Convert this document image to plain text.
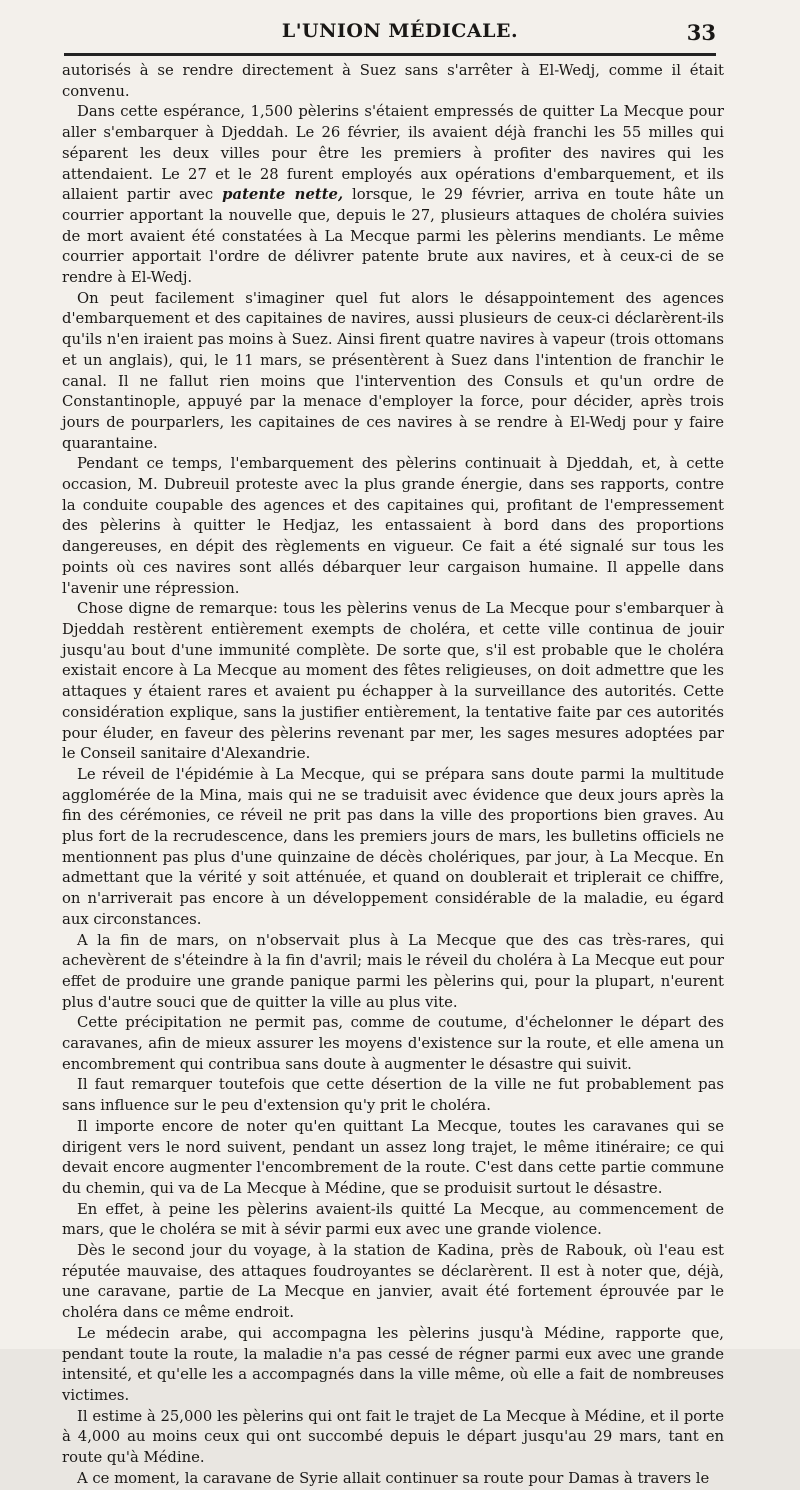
L'UNION MÉDICALE.	33

autorisés à se rendre directement à Suez sans s'arrêter à El-Wedj, comme il était convenu.

Dans cette espérance, 1,500 pèlerins s'étaient empressés de quitter La Mecque pour aller s'embarquer à Djeddah. Le 26 février, ils avaient déjà franchi les 55 milles qui séparent les deux villes pour être les premiers à profiter des navires qui les attendaient. Le 27 et le 28 furent employés aux opérations d'embarquement, et ils allaient partir avec patente nette, lorsque, le 29 février, arriva en toute hâte un courrier apportant la nouvelle que, depuis le 27, plusieurs attaques de choléra suivies de mort avaient été constatées à La Mecque parmi les pèlerins mendiants. Le même courrier apportait l'ordre de délivrer patente brute aux navires, et à ceux-ci de se rendre à El-Wedj.

On peut facilement s'imaginer quel fut alors le désappointement des agences d'embarquement et des capitaines de navires, aussi plusieurs de ceux-ci déclarèrent-ils qu'ils n'en iraient pas moins à Suez. Ainsi firent quatre navires à vapeur (trois ottomans et un anglais), qui, le 11 mars, se présentèrent à Suez dans l'intention de franchir le canal. Il ne fallut rien moins que l'intervention des Consuls et qu'un ordre de Constantinople, appuyé par la menace d'employer la force, pour décider, après trois jours de pourparlers, les capitaines de ces navires à se rendre à El-Wedj pour y faire quarantaine.

Pendant ce temps, l'embarquement des pèlerins continuait à Djeddah, et, à cette occasion, M. Dubreuil proteste avec la plus grande énergie, dans ses rapports, contre la conduite coupable des agences et des capitaines qui, profitant de l'empressement des pèlerins à quitter le Hedjaz, les entassaient à bord dans des proportions dangereuses, en dépit des règlements en vigueur. Ce fait a été signalé sur tous les points où ces navires sont allés débarquer leur cargaison humaine. Il appelle dans l'avenir une répression.

Chose digne de remarque: tous les pèlerins venus de La Mecque pour s'embarquer à Djeddah restèrent entièrement exempts de choléra, et cette ville continua de jouir jusqu'au bout d'une immunité complète. De sorte que, s'il est probable que le choléra existait encore à La Mecque au moment des fêtes religieuses, on doit admettre que les attaques y étaient rares et avaient pu échapper à la surveillance des autorités. Cette considération explique, sans la justifier entièrement, la tentative faite par ces autorités pour éluder, en faveur des pèlerins revenant par mer, les sages mesures adoptées par le Conseil sanitaire d'Alexandrie.

Le réveil de l'épidémie à La Mecque, qui se prépara sans doute parmi la multitude agglomérée de la Mina, mais qui ne se traduisit avec évidence que deux jours après la fin des cérémonies, ce réveil ne prit pas dans la ville des proportions bien graves. Au plus fort de la recrudescence, dans les premiers jours de mars, les bulletins officiels ne mentionnent pas plus d'une quinzaine de décès cholériques, par jour, à La Mecque. En admettant que la vérité y soit atténuée, et quand on doublerait et triplerait ce chiffre, on n'arriverait pas encore à un développement considérable de la maladie, eu égard aux circonstances.

A la fin de mars, on n'observait plus à La Mecque que des cas très-rares, qui achevèrent de s'éteindre à la fin d'avril; mais le réveil du choléra à La Mecque eut pour effet de produire une grande panique parmi les pèlerins qui, pour la plupart, n'eurent plus d'autre souci que de quitter la ville au plus vite.

Cette précipitation ne permit pas, comme de coutume, d'échelonner le départ des caravanes, afin de mieux assurer les moyens d'existence sur la route, et elle amena un encombrement qui contribua sans doute à augmenter le désastre qui suivit.

Il faut remarquer toutefois que cette désertion de la ville ne fut probablement pas sans influence sur le peu d'extension qu'y prit le choléra.

Il importe encore de noter qu'en quittant La Mecque, toutes les caravanes qui se dirigent vers le nord suivent, pendant un assez long trajet, le même itinéraire; ce qui devait encore augmenter l'encombrement de la route. C'est dans cette partie commune du chemin, qui va de La Mecque à Médine, que se produisit surtout le désastre.

En effet, à peine les pèlerins avaient-ils quitté La Mecque, au commencement de mars, que le choléra se mit à sévir parmi eux avec une grande violence.

Dès le second jour du voyage, à la station de Kadina, près de Rabouk, où l'eau est réputée mauvaise, des attaques foudroyantes se déclarèrent. Il est à noter que, déjà, une caravane, partie de La Mecque en janvier, avait été fortement éprouvée par le choléra dans ce même endroit.

Le médecin arabe, qui accompagna les pèlerins jusqu'à Médine, rapporte que, pendant toute la route, la maladie n'a pas cessé de régner parmi eux avec une grande intensité, et qu'elle les a accompagnés dans la ville même, où elle a fait de nombreuses victimes.

Il estime à 25,000 les pèlerins qui ont fait le trajet de La Mecque à Médine, et il porte à 4,000 au moins ceux qui ont succombé depuis le départ jusqu'au 29 mars, tant en route qu'à Médine.

A ce moment, la caravane de Syrie allait continuer sa route pour Damas à travers le
